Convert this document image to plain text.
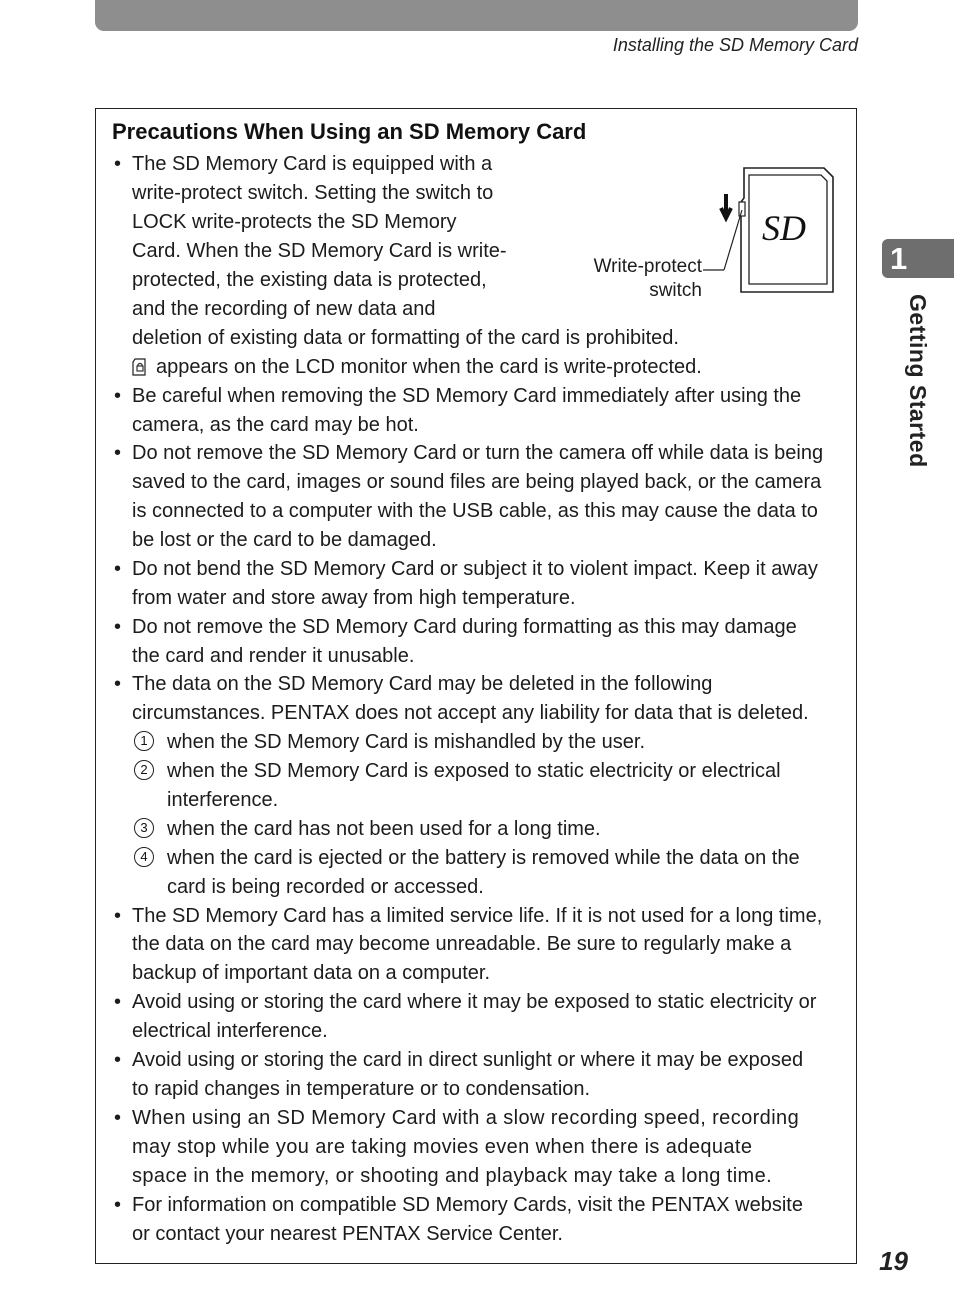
Installing the SD Memory Card
Precautions When Using an SD Memory Card
SD
Write-protect
switch
• The SD Memory Card is equipped with a
write-protect switch. Setting the switch to
LOCK write-protects the SD Memory
Card. When the SD Memory Card is write-
protected, the existing data is protected,
and the recording of new data and
deletion of existing data or formatting of the card is prohibited.
appears on the LCD monitor when the card is write-protected.
• Be careful when removing the SD Memory Card immediately after using the
camera, as the card may be hot.
• Do not remove the SD Memory Card or turn the camera off while data is being
saved to the card, images or sound files are being played back, or the camera
is connected to a computer with the USB cable, as this may cause the data to
be lost or the card to be damaged.
• Do not bend the SD Memory Card or subject it to violent impact. Keep it away
from water and store away from high temperature.
• Do not remove the SD Memory Card during formatting as this may damage
the card and render it unusable.
• The data on the SD Memory Card may be deleted in the following
circumstances. PENTAX does not accept any liability for data that is deleted.
1 when the SD Memory Card is mishandled by the user.
2 when the SD Memory Card is exposed to static electricity or electrical
interference.
3 when the card has not been used for a long time.
4 when the card is ejected or the battery is removed while the data on the
card is being recorded or accessed.
• The SD Memory Card has a limited service life. If it is not used for a long time,
the data on the card may become unreadable. Be sure to regularly make a
backup of important data on a computer.
• Avoid using or storing the card where it may be exposed to static electricity or
electrical interference.
• Avoid using or storing the card in direct sunlight or where it may be exposed
to rapid changes in temperature or to condensation.
• When using an SD Memory Card with a slow recording speed, recording
may stop while you are taking movies even when there is adequate
space in the memory, or shooting and playback may take a long time.
• For information on compatible SD Memory Cards, visit the PENTAX website
or contact your nearest PENTAX Service Center.
1
Getting Started
19
